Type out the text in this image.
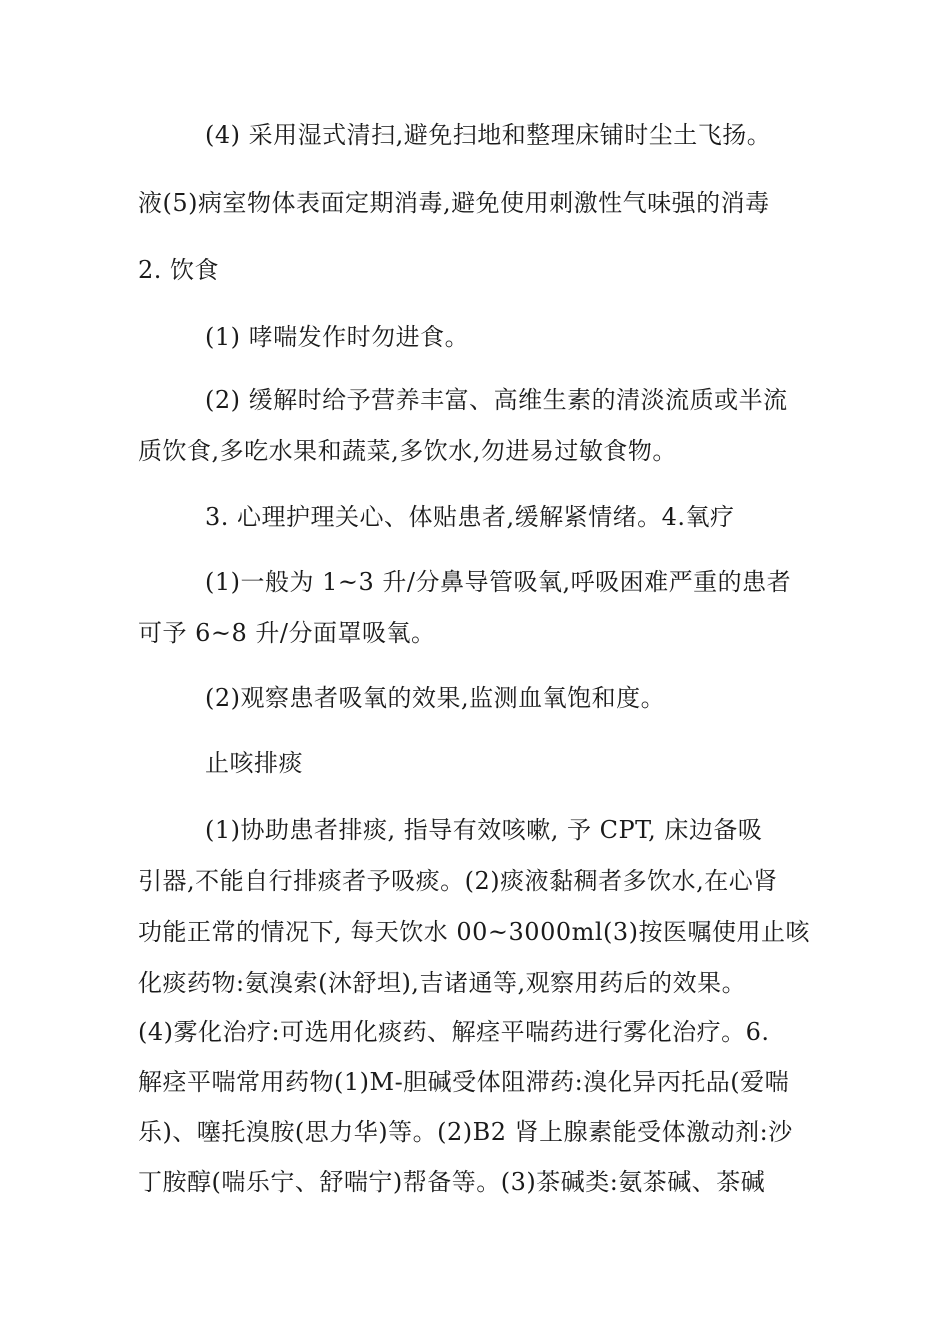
(4) 采用湿式清扫,避免扫地和整理床铺时尘土飞扬。
液(5)病室物体表面定期消毒,避免使用刺激性气味强的消毒
2. 饮食
(1) 哮喘发作时勿进食。
(2) 缓解时给予营养丰富、高维生素的清淡流质或半流
质饮食,多吃水果和蔬菜,多饮水,勿进易过敏食物。
3. 心理护理关心、体贴患者,缓解紧情绪。4.氧疗
(1)一般为 1~3 升/分鼻导管吸氧,呼吸困难严重的患者
可予 6~8 升/分面罩吸氧。
(2)观察患者吸氧的效果,监测血氧饱和度。
止咳排痰
(1)协助患者排痰, 指导有效咳嗽, 予 CPT, 床边备吸
引器,不能自行排痰者予吸痰。(2)痰液黏稠者多饮水,在心肾
功能正常的情况下, 每天饮水 00~3000ml(3)按医嘱使用止咳
化痰药物:氨溴索(沐舒坦),吉诸通等,观察用药后的效果。
(4)雾化治疗:可选用化痰药、解痉平喘药进行雾化治疗。6.
解痉平喘常用药物(1)M-胆碱受体阻滞药:溴化异丙托品(爱喘
乐)、噻托溴胺(思力华)等。(2)B2 肾上腺素能受体激动剂:沙
丁胺醇(喘乐宁、舒喘宁)帮备等。(3)茶碱类:氨茶碱、茶碱
